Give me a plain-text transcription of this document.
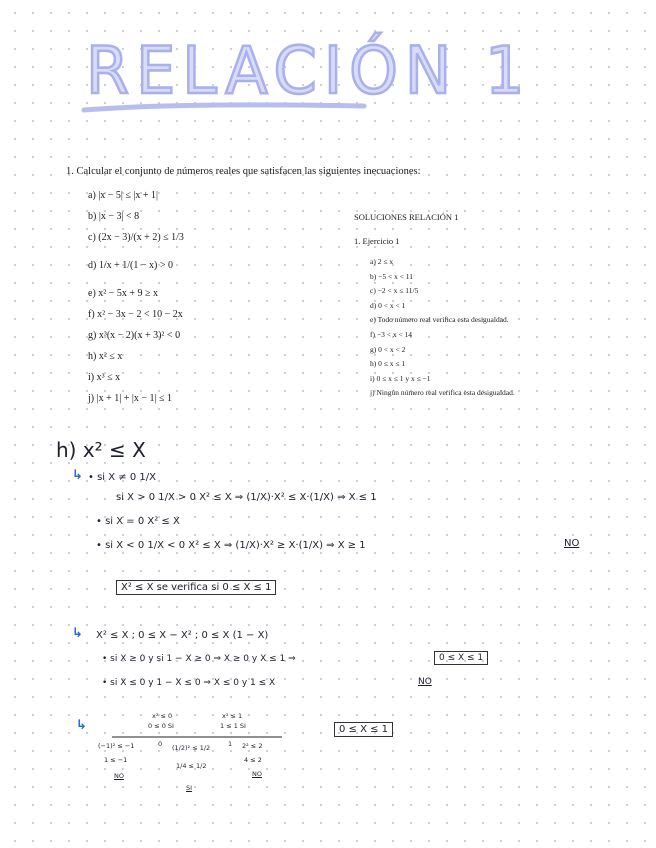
RELACIÓN 1
1. Calcular el conjunto de números reales que satisfacen las siguientes inecuaciones:
a) |x − 5| ≤ |x + 1|
b) |x − 3| < 8
c) (2x − 3)/(x + 2) ≤ 1/3
d) 1/x + 1/(1 − x) > 0
e) x² − 5x + 9 ≥ x
f) x² − 3x − 2 < 10 − 2x
g) x³(x − 2)(x + 3)² < 0
h) x² ≤ x
i) x³ ≤ x
j) |x + 1| + |x − 1| ≤ 1
SOLUCIONES RELACIÓN 1
1. Ejercicio 1
a) 2 ≤ x
b) −5 < x < 11
c) −2 < x ≤ 11/5
d) 0 < x < 1
e) Todo número real verifica esta desigualdad.
f) −3 < x < 14
g) 0 < x < 2
h) 0 ≤ x ≤ 1
i) 0 ≤ x ≤ 1 y x ≤ −1
j) Ningún número real verifica esta desigualdad.
h) x² ≤ X
↳ • si X ≠ 0 1/X
si X > 0 1/X > 0 X² ≤ X ⇒ (1/X)·X² ≤ X·(1/X) ⇒ X ≤ 1
• si X = 0 X² ≤ X
• si X < 0 1/X < 0 X² ≤ X ⇒ (1/X)·X² ≥ X·(1/X) ⇒ X ≥ 1	NO
X² ≤ X se verifica si 0 ≤ X ≤ 1
↳ X² ≤ X ; 0 ≤ X − X² ; 0 ≤ X (1 − X)
• si X ≥ 0 y si 1 − X ≥ 0 ⇒ X ≥ 0 y X ≤ 1 ⇒	0 ≤ X ≤ 1
• si X ≤ 0 y 1 − X ≤ 0 ⇒ X ≤ 0 y 1 ≤ X	NO
↳
x² ≤ 0
0 ≤ 0 SI
x² ≤ 1
1 ≤ 1 SI
(−1)² ≤ −1
1 ≤ −1
NO
0 (1/2)² ≤ 1/2
1/4 ≤ 1/2
SI
1 2² ≤ 2
4 ≤ 2
NO
0 ≤ X ≤ 1
